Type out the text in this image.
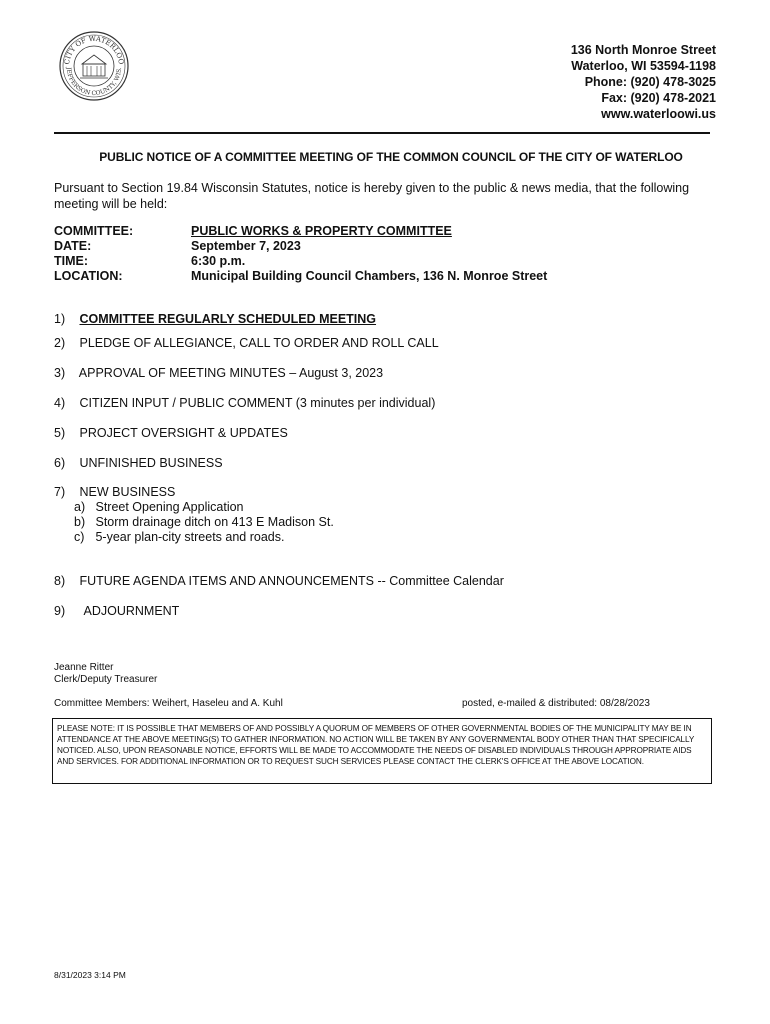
CITY OF WATERLOO
JEFFERSON COUNTY, WIS.
136 North Monroe Street
Waterloo, WI 53594-1198
Phone: (920) 478-3025
Fax: (920) 478-2021
www.waterloowi.us
PUBLIC NOTICE OF A COMMITTEE MEETING OF THE COMMON COUNCIL OF THE CITY OF WATERLOO
Pursuant to Section 19.84 Wisconsin Statutes, notice is hereby given to the public & news media, that the following meeting will be held:
COMMITTEE:	PUBLIC WORKS & PROPERTY COMMITTEE
DATE:	September 7, 2023
TIME:	6:30 p.m.
LOCATION:	Municipal Building Council Chambers, 136 N. Monroe Street
1) COMMITTEE REGULARLY SCHEDULED MEETING
2) PLEDGE OF ALLEGIANCE, CALL TO ORDER AND ROLL CALL
3) APPROVAL OF MEETING MINUTES – August 3, 2023
4) CITIZEN INPUT / PUBLIC COMMENT (3 minutes per individual)
5) PROJECT OVERSIGHT & UPDATES
6) UNFINISHED BUSINESS
7) NEW BUSINESS
a) Street Opening Application
b) Storm drainage ditch on 413 E Madison St.
c) 5-year plan-city streets and roads.
8) FUTURE AGENDA ITEMS AND ANNOUNCEMENTS -- Committee Calendar
9) ADJOURNMENT
Jeanne Ritter
Clerk/Deputy Treasurer
Committee Members: Weihert, Haseleu and A. Kuhl	posted, e-mailed & distributed: 08/28/2023
PLEASE NOTE: IT IS POSSIBLE THAT MEMBERS OF AND POSSIBLY A QUORUM OF MEMBERS OF OTHER GOVERNMENTAL BODIES OF THE MUNICIPALITY MAY BE IN ATTENDANCE AT THE ABOVE MEETING(S) TO GATHER INFORMATION. NO ACTION WILL BE TAKEN BY ANY GOVERNMENTAL BODY OTHER THAN THAT SPECIFICALLY NOTICED. ALSO, UPON REASONABLE NOTICE, EFFORTS WILL BE MADE TO ACCOMMODATE THE NEEDS OF DISABLED INDIVIDUALS THROUGH APPROPRIATE AIDS AND SERVICES. FOR ADDITIONAL INFORMATION OR TO REQUEST SUCH SERVICES PLEASE CONTACT THE CLERK'S OFFICE AT THE ABOVE LOCATION.
8/31/2023 3:14 PM
